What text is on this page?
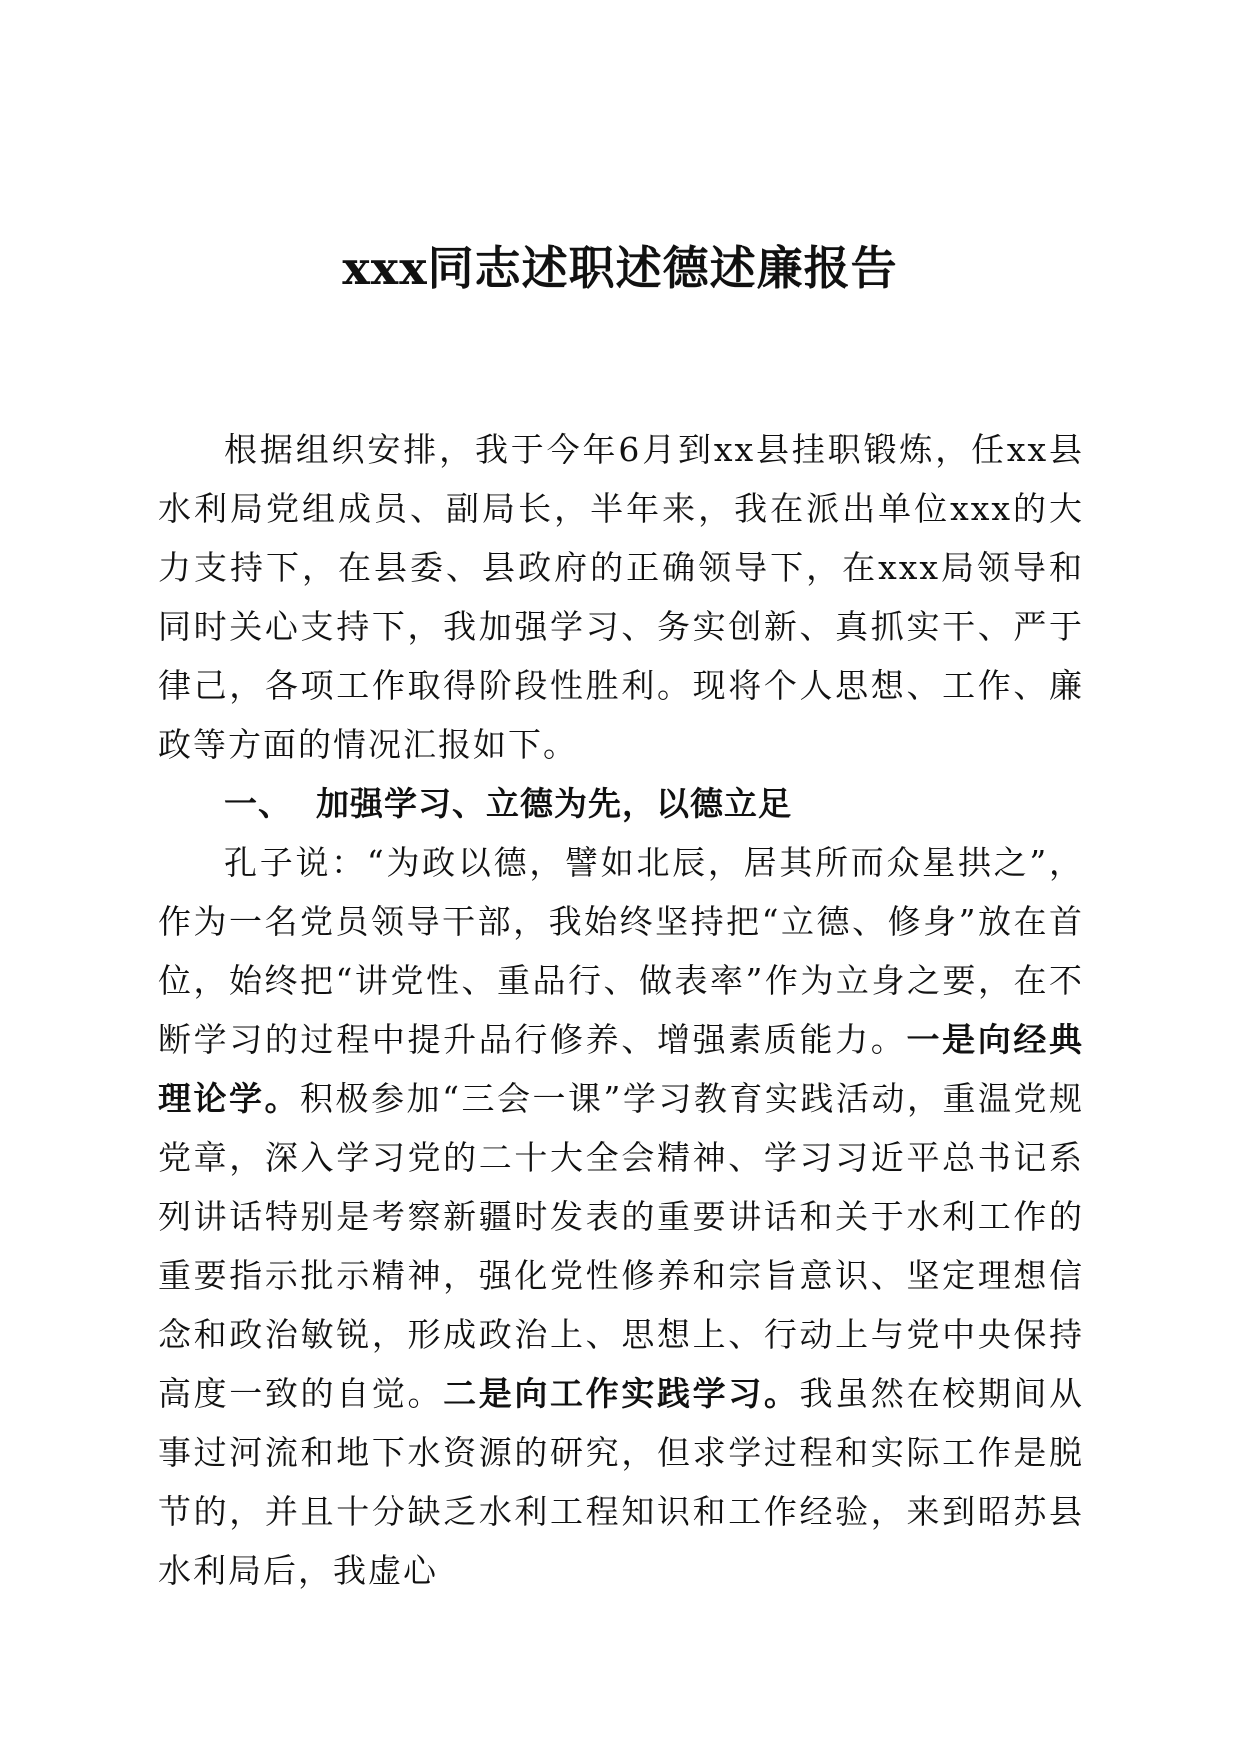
xxx同志述职述德述廉报告

根据组织安排，我于今年6月到xx县挂职锻炼，任xx县水利局党组成员、副局长，半年来，我在派出单位xxx的大力支持下，在县委、县政府的正确领导下，在xxx局领导和同时关心支持下，我加强学习、务实创新、真抓实干、严于律己，各项工作取得阶段性胜利。现将个人思想、工作、廉政等方面的情况汇报如下。

一、 加强学习、立德为先，以德立足

孔子说：“为政以德，譬如北辰，居其所而众星拱之”，作为一名党员领导干部，我始终坚持把“立德、修身”放在首位，始终把“讲党性、重品行、做表率”作为立身之要，在不断学习的过程中提升品行修养、增强素质能力。一是向经典理论学。积极参加“三会一课”学习教育实践活动，重温党规党章，深入学习党的二十大全会精神、学习习近平总书记系列讲话特别是考察新疆时发表的重要讲话和关于水利工作的重要指示批示精神，强化党性修养和宗旨意识、坚定理想信念和政治敏锐，形成政治上、思想上、行动上与党中央保持高度一致的自觉。二是向工作实践学习。我虽然在校期间从事过河流和地下水资源的研究，但求学过程和实际工作是脱节的，并且十分缺乏水利工程知识和工作经验，来到昭苏县水利局后，我虚心
